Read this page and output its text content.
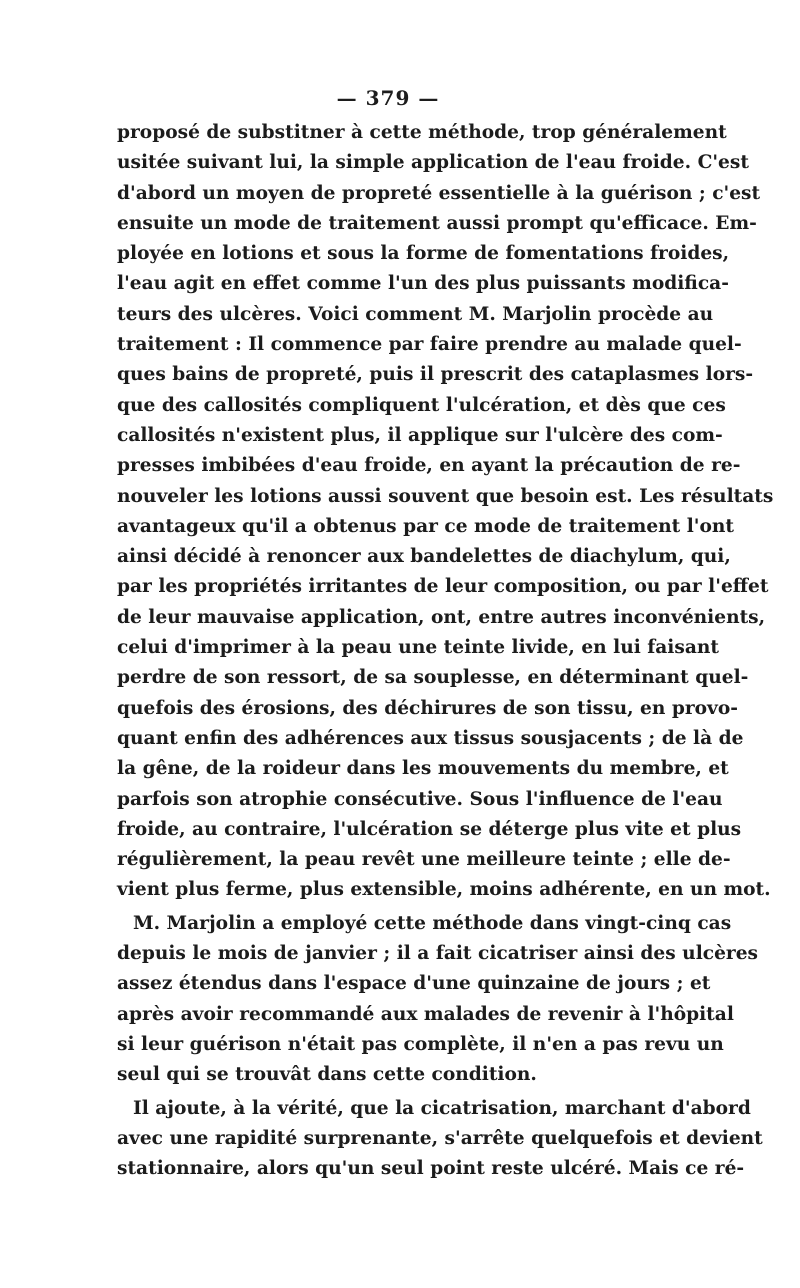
— 379 —
proposé de substitner à cette méthode, trop généralement
usitée suivant lui, la simple application de l'eau froide. C'est
d'abord un moyen de propreté essentielle à la guérison ; c'est
ensuite un mode de traitement aussi prompt qu'efficace. Em-
ployée en lotions et sous la forme de fomentations froides,
l'eau agit en effet comme l'un des plus puissants modifica-
teurs des ulcères. Voici comment M. Marjolin procède au
traitement : Il commence par faire prendre au malade quel-
ques bains de propreté, puis il prescrit des cataplasmes lors-
que des callosités compliquent l'ulcération, et dès que ces
callosités n'existent plus, il applique sur l'ulcère des com-
presses imbibées d'eau froide, en ayant la précaution de re-
nouveler les lotions aussi souvent que besoin est. Les résultats
avantageux qu'il a obtenus par ce mode de traitement l'ont
ainsi décidé à renoncer aux bandelettes de diachylum, qui,
par les propriétés irritantes de leur composition, ou par l'effet
de leur mauvaise application, ont, entre autres inconvénients,
celui d'imprimer à la peau une teinte livide, en lui faisant
perdre de son ressort, de sa souplesse, en déterminant quel-
quefois des érosions, des déchirures de son tissu, en provo-
quant enfin des adhérences aux tissus sousjacents ; de là de
la gêne, de la roideur dans les mouvements du membre, et
parfois son atrophie consécutive. Sous l'influence de l'eau
froide, au contraire, l'ulcération se déterge plus vite et plus
régulièrement, la peau revêt une meilleure teinte ; elle de-
vient plus ferme, plus extensible, moins adhérente, en un mot.
M. Marjolin a employé cette méthode dans vingt-cinq cas
depuis le mois de janvier ; il a fait cicatriser ainsi des ulcères
assez étendus dans l'espace d'une quinzaine de jours ; et
après avoir recommandé aux malades de revenir à l'hôpital
si leur guérison n'était pas complète, il n'en a pas revu un
seul qui se trouvât dans cette condition.
Il ajoute, à la vérité, que la cicatrisation, marchant d'abord
avec une rapidité surprenante, s'arrête quelquefois et devient
stationnaire, alors qu'un seul point reste ulcéré. Mais ce ré-
